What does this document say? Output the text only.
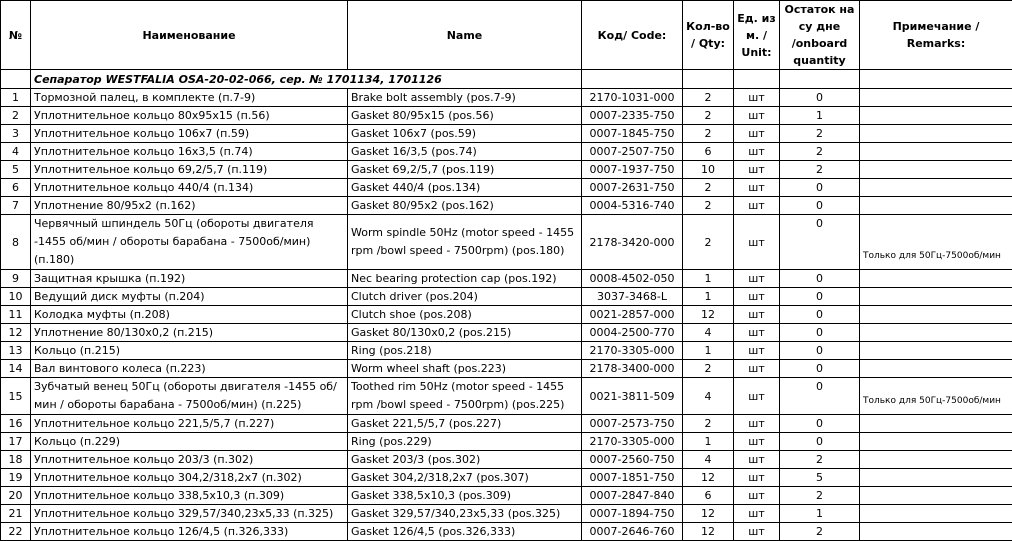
№	Наименование	Name	Код/ Code:	Кол-во / Qty:	Ед. из м. / Unit:	Остаток на су дне /onboard quantity	Примечание / Remarks:
	Сепаратор WESTFALIA OSA-20-02-066, сер. № 1701134, 1701126						
1	Тормозной палец, в комплекте (п.7-9)	Brake bolt assembly (pos.7-9)	2170-1031-000	2	шт	0	
2	Уплотнительное кольцо 80x95x15 (п.56)	Gasket 80/95x15 (pos.56)	0007-2335-750	2	шт	1	
3	Уплотнительное кольцо 106x7 (п.59)	Gasket 106x7 (pos.59)	0007-1845-750	2	шт	2	
4	Уплотнительное кольцо 16x3,5 (п.74)	Gasket 16/3,5 (pos.74)	0007-2507-750	6	шт	2	
5	Уплотнительное кольцо 69,2/5,7 (п.119)	Gasket 69,2/5,7 (pos.119)	0007-1937-750	10	шт	2	
6	Уплотнительное кольцо 440/4 (п.134)	Gasket 440/4 (pos.134)	0007-2631-750	2	шт	0	
7	Уплотнение 80/95x2 (п.162)	Gasket 80/95x2 (pos.162)	0004-5316-740	2	шт	0	
8	Червячный шпиндель 50Гц (обороты двигателя -1455 об/мин / обороты барабана - 7500об/мин)(п.180)	Worm spindle 50Hz (motor speed - 1455 rpm /bowl speed - 7500rpm) (pos.180)	2178-3420-000	2	шт	0	Только для 50Гц-7500об/мин
9	Защитная крышка (п.192)	Nec bearing protection cap (pos.192)	0008-4502-050	1	шт	0	
10	Ведущий диск муфты (п.204)	Clutch driver (pos.204)	3037-3468-L	1	шт	0	
11	Колодка муфты (п.208)	Clutch shoe (pos.208)	0021-2857-000	12	шт	0	
12	Уплотнение 80/130x0,2 (п.215)	Gasket 80/130x0,2 (pos.215)	0004-2500-770	4	шт	0	
13	Кольцо (п.215)	Ring (pos.218)	2170-3305-000	1	шт	0	
14	Вал винтового колеса (п.223)	Worm wheel shaft (pos.223)	2178-3400-000	2	шт	0	
15	Зубчатый венец 50Гц (обороты двигателя -1455 об/мин / обороты барабана - 7500об/мин) (п.225)	Toothed rim 50Hz (motor speed - 1455 rpm /bowl speed - 7500rpm) (pos.225)	0021-3811-509	4	шт	0	Только для 50Гц-7500об/мин
16	Уплотнительное кольцо 221,5/5,7 (п.227)	Gasket 221,5/5,7 (pos.227)	0007-2573-750	2	шт	0	
17	Кольцо (п.229)	Ring (pos.229)	2170-3305-000	1	шт	0	
18	Уплотнительное кольцо 203/3 (п.302)	Gasket 203/3 (pos.302)	0007-2560-750	4	шт	2	
19	Уплотнительное кольцо 304,2/318,2x7 (п.302)	Gasket 304,2/318,2x7 (pos.307)	0007-1851-750	12	шт	5	
20	Уплотнительное кольцо 338,5x10,3 (п.309)	Gasket 338,5x10,3 (pos.309)	0007-2847-840	6	шт	2	
21	Уплотнительное кольцо 329,57/340,23x5,33 (п.325)	Gasket 329,57/340,23x5,33 (pos.325)	0007-1894-750	12	шт	1	
22	Уплотнительное кольцо 126/4,5 (п.326,333)	Gasket 126/4,5 (pos.326,333)	0007-2646-760	12	шт	2	
